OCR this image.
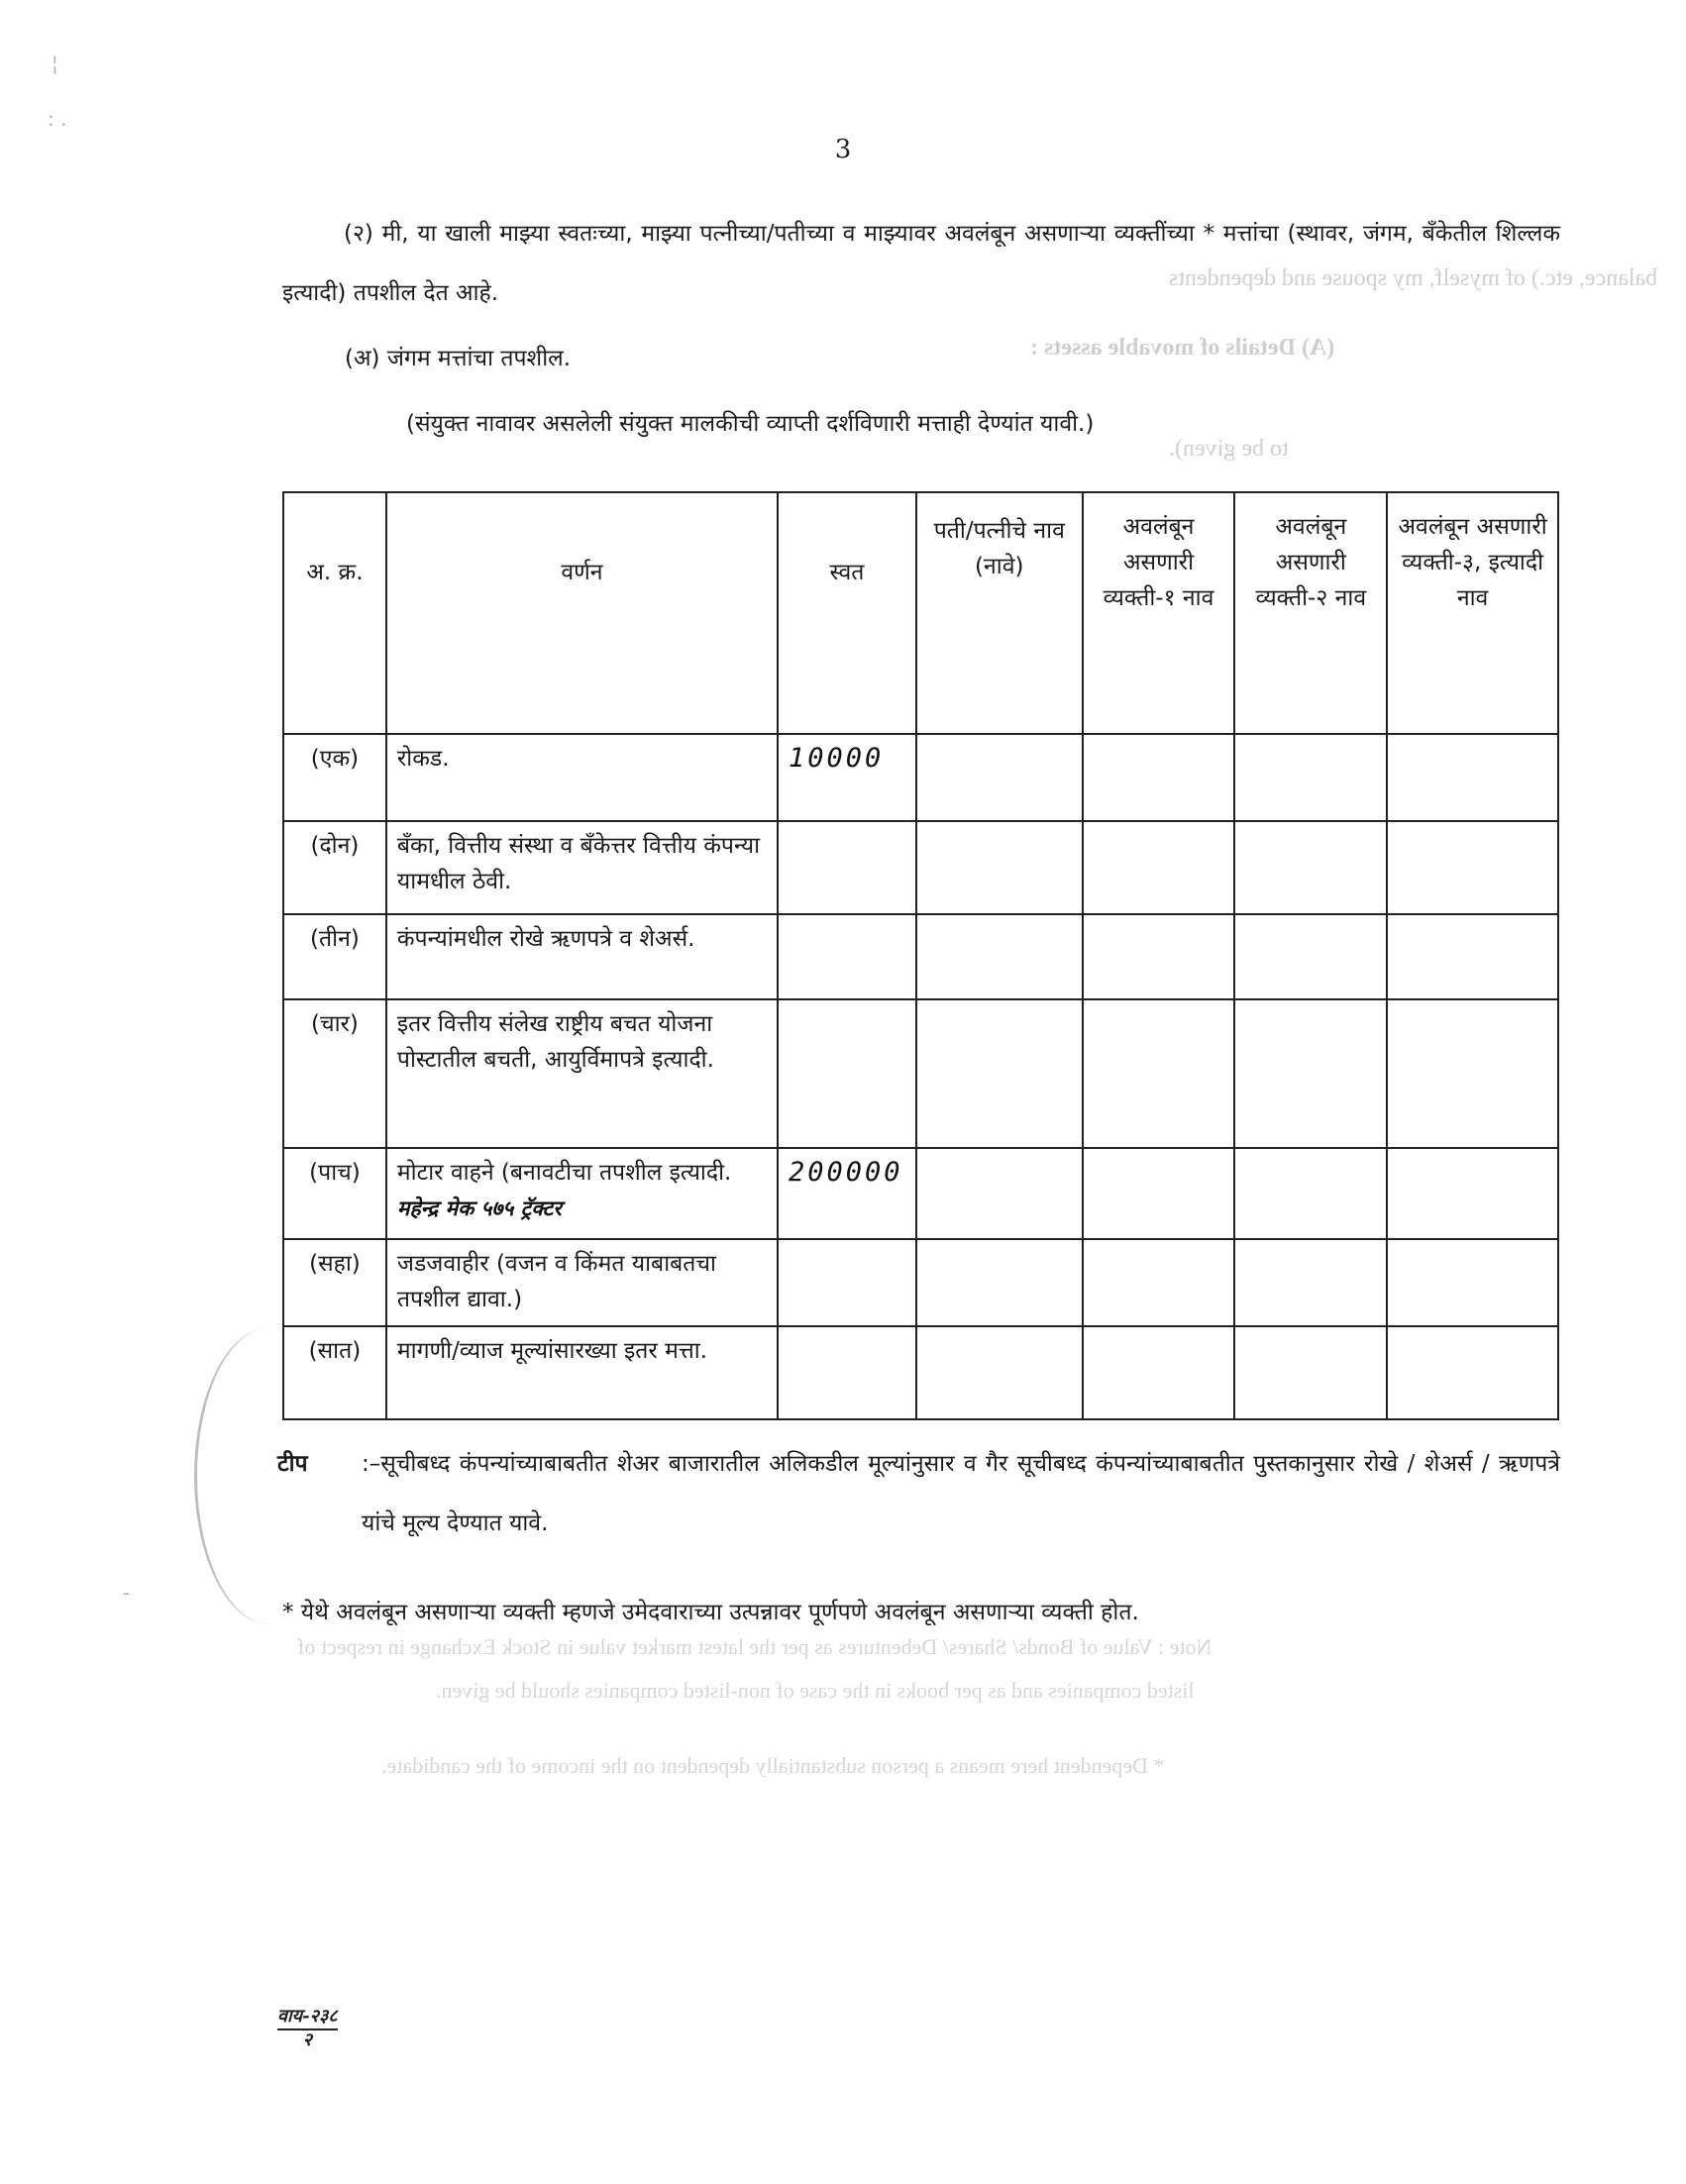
3
balance, etc.) of myself, my spouse and dependents
(A) Details of movable assets :
to be given).
(२) मी, या खाली माझ्या स्वतःच्या, माझ्या पत्नीच्या/पतीच्या व माझ्यावर अवलंबून असणाऱ्या व्यक्तींच्या * मत्तांचा (स्थावर, जंगम, बँकेतील शिल्लक इत्यादी) तपशील देत आहे.
(अ) जंगम मत्तांचा तपशील.
(संयुक्त नावावर असलेली संयुक्त मालकीची व्याप्ती दर्शविणारी मत्ताही देण्यांत यावी.)
अ. क्र.	वर्णन	स्वत	पती/पत्नीचे नाव (नावे)	अवलंबून असणारी व्यक्ती-१ नाव	अवलंबून असणारी व्यक्ती-२ नाव	अवलंबून असणारी व्यक्ती-३, इत्यादी नाव
(एक)	रोकड.	10000				
(दोन)	बँका, वित्तीय संस्था व बँकेत्तर वित्तीय कंपन्या यामधील ठेवी.					
(तीन)	कंपन्यांमधील रोखे ऋणपत्रे व शेअर्स.					
(चार)	इतर वित्तीय संलेख राष्ट्रीय बचत योजना पोस्टातील बचती, आयुर्विमापत्रे इत्यादी.					
(पाच)	मोटार वाहने (बनावटीचा तपशील इत्यादी. महेन्द्र मेक ५७५ ट्रॅक्टर	200000				
(सहा)	जडजवाहीर (वजन व किंमत याबाबतचा तपशील द्यावा.)					
(सात)	मागणी/व्याज मूल्यांसारख्या इतर मत्ता.					
टीप :–सूचीबध्द कंपन्यांच्याबाबतीत शेअर बाजारातील अलिकडील मूल्यांनुसार व गैर सूचीबध्द कंपन्यांच्याबाबतीत पुस्तकानुसार रोखे / शेअर्स / ऋणपत्रे यांचे मूल्य देण्यात यावे.
* येथे अवलंबून असणाऱ्या व्यक्ती म्हणजे उमेदवाराच्या उत्पन्नावर पूर्णपणे अवलंबून असणाऱ्या व्यक्ती होत.
Note : Value of Bonds/ Shares/ Debentures as per the latest market value in Stock Exchange in respect of
listed companies and as per books in the case of non-listed companies should be given.
* Dependent here means a person substantially dependent on the income of the candidate.
¦
: .
-
वाय-२३८
२
